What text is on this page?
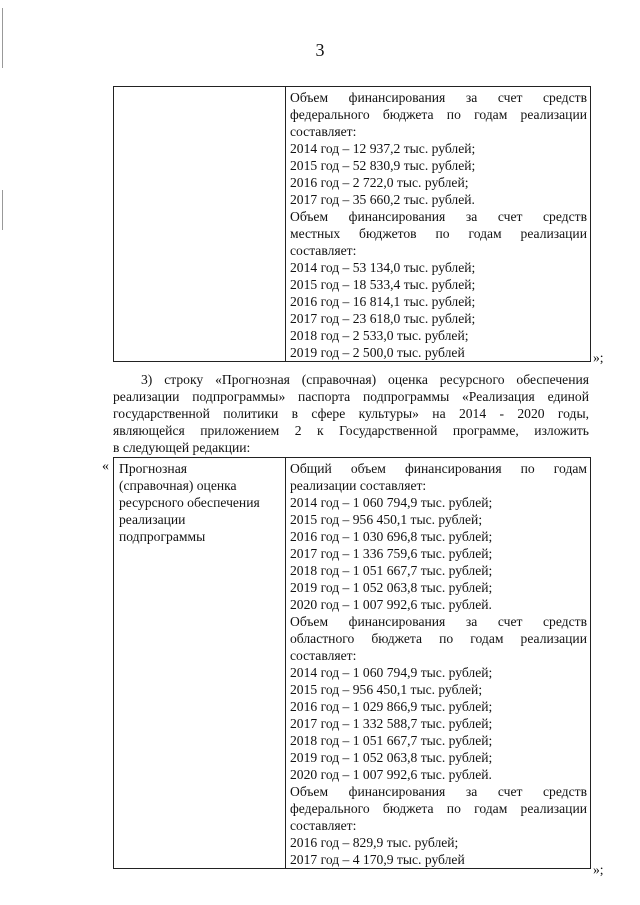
3
Объем финансирования за счет средств
федерального бюджета по годам реализации
составляет:
2014 год – 12 937,2 тыс. рублей;
2015 год – 52 830,9 тыс. рублей;
2016 год – 2 722,0 тыс. рублей;
2017 год – 35 660,2 тыс. рублей.
Объем финансирования за счет средств
местных бюджетов по годам реализации
составляет:
2014 год – 53 134,0 тыс. рублей;
2015 год – 18 533,4 тыс. рублей;
2016 год – 16 814,1 тыс. рублей;
2017 год – 23 618,0 тыс. рублей;
2018 год – 2 533,0 тыс. рублей;
2019 год – 2 500,0 тыс. рублей	»;
3) строку «Прогнозная (справочная) оценка ресурсного обеспечения
реализации подпрограммы» паспорта подпрограммы «Реализация единой
государственной политики в сфере культуры» на 2014 - 2020 годы,
являющейся приложением 2 к Государственной программе, изложить
в следующей редакции:
« Прогнозная
(справочная) оценка
ресурсного обеспечения
реализации
подпрограммы
Общий объем финансирования по годам
реализации составляет:
2014 год – 1 060 794,9 тыс. рублей;
2015 год – 956 450,1 тыс. рублей;
2016 год – 1 030 696,8 тыс. рублей;
2017 год – 1 336 759,6 тыс. рублей;
2018 год – 1 051 667,7 тыс. рублей;
2019 год – 1 052 063,8 тыс. рублей;
2020 год – 1 007 992,6 тыс. рублей.
Объем финансирования за счет средств
областного бюджета по годам реализации
составляет:
2014 год – 1 060 794,9 тыс. рублей;
2015 год – 956 450,1 тыс. рублей;
2016 год – 1 029 866,9 тыс. рублей;
2017 год – 1 332 588,7 тыс. рублей;
2018 год – 1 051 667,7 тыс. рублей;
2019 год – 1 052 063,8 тыс. рублей;
2020 год – 1 007 992,6 тыс. рублей.
Объем финансирования за счет средств
федерального бюджета по годам реализации
составляет:
2016 год – 829,9 тыс. рублей;
2017 год – 4 170,9 тыс. рублей
»;
